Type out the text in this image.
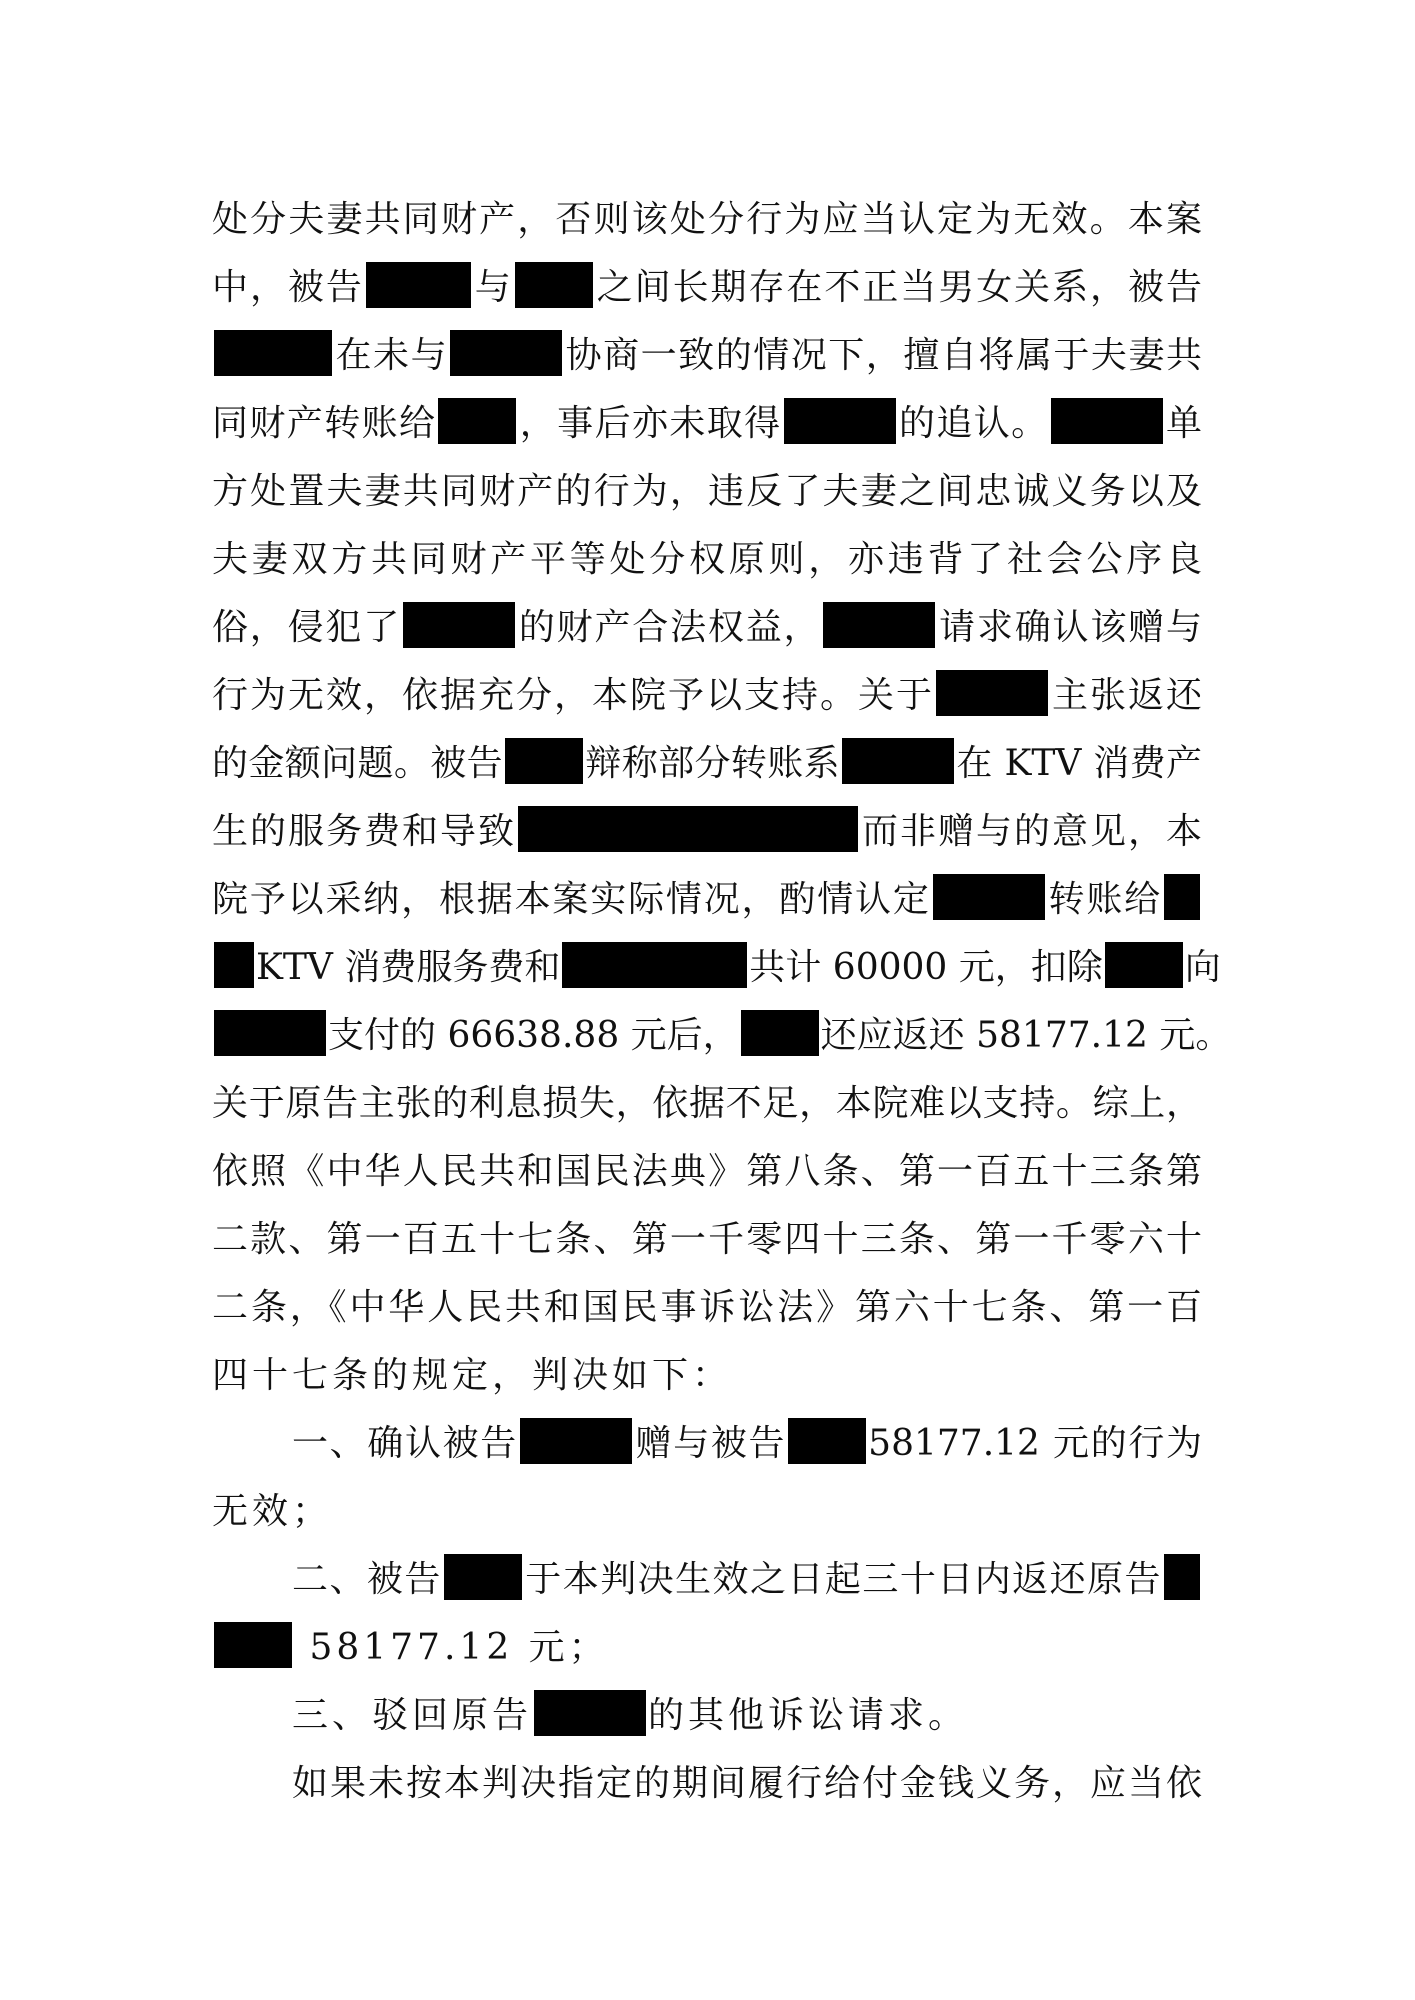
处分夫妻共同财产，否则该处分行为应当认定为无效。本案
中，被告	与 之间长期存在不正当男女关系，被告
在未与	协商一致的情况下，擅自将属于夫妻共
同财产转账给 ，事后亦未取得	的追认。	单
方处置夫妻共同财产的行为，违反了夫妻之间忠诚义务以及
夫妻双方共同财产平等处分权原则，亦违背了社会公序良
俗，侵犯了	的财产合法权益，	请求确认该赠与
行为无效，依据充分，本院予以支持。关于	主张返还
的金额问题。被告 辩称部分转账系	在 KTV 消费产
生的服务费和导致	而非赠与的意见，本
院予以采纳，根据本案实际情况，酌情认定	转账给
KTV 消费服务费和	共计 60000 元，扣除 向
支付的 66638.88 元后， 还应返还 58177.12 元。
关于原告主张的利息损失，依据不足，本院难以支持。综上，
依照《中华人民共和国民法典》第八条、第一百五十三条第
二款、第一百五十七条、第一千零四十三条、第一千零六十
二条，《中华人民共和国民事诉讼法》第六十七条、第一百
四十七条的规定，判决如下：
一、确认被告	赠与被告 58177.12 元的行为
无效；
二、被告 于本判决生效之日起三十日内返还原告
58177.12 元；
三、驳回原告	的其他诉讼请求。
如果未按本判决指定的期间履行给付金钱义务，应当依
